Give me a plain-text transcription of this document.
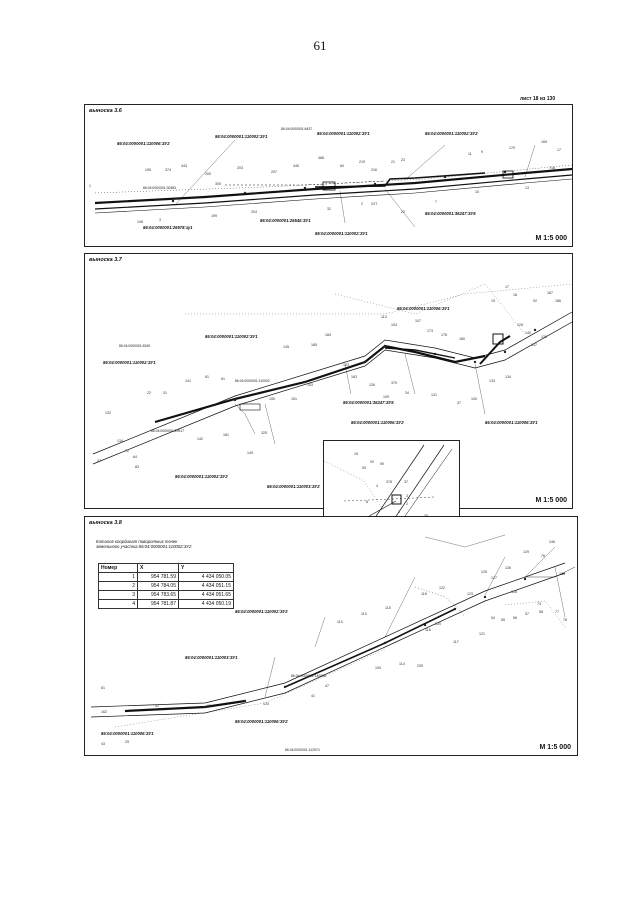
61
лист 18 из 130
выноска 3.6
86:04:0000001:110006:ЗУ2
86:04:0000001:110002:ЗУ1
86:04:0000001:110002:ЗУ1	86:04:0000001:110002:ЗУ2
86:04:0000001:26545:ЗУ1
86:04:0000001:110002:ЗУ1
86:04:0000001:36247:ЗУ5
86:04:0000001:26578:зу1
86:04:0000001:6437
86:04:0000001:30383
195	374
443
200
203
207
445
488
60
219	21 23
11	9
170
169
17
718
13
216
305
204
199
198	3
32
2 2V7
22
1
10
7
М 1:5 000
выноска 3.7
86:04:0000001:110006:ЗУ1
86:04:0000001:110002:ЗУ1
86:04:0000001:110002:ЗУ1
86:04:0000001:36247:ЗУ5
86:04:0000001:110006:ЗУ2	86:04:0000001:110006:ЗУ1
86:04:0000001:110002:ЗУ2
86:04:0000001:110003:ЗУ2
86:04:0000001:6349
86:04:0000001:29917
86:04:0000001:110002
17
187
18
92	186
19
113
107
104
173
178
180
184
185
145
141
81	61
22	31
132
134
72
27
64
83
142
181	325
149
150	151
153
163
123
126	370
109
34	131
37
100
133
134
140
138
137
125
М 1:5 000
15
93
92 90
378
4
37
3
2
1
8
выноска 3.8
86:04:0000001:110002:ЗУ2
86:04:0000001:110003:ЗУ1
86:04:0000001:110006:ЗУ2
86:04:0000001:110006:ЗУ1
86:04:0000001:140006
86:04:0000001:112974
246
129
76
130
126
125
127
122
123	128
116
115
113
110
118
117
120
121
114	239
109
47
41
124
162
43	25
81
95
51
73
78
77
55 56
54
57	58
М 1:5 000
Каталог координат поворотных точек
земельного участка 86:04:0000001:110002:ЗУ2
Номер	X	Y
1	954 781.59	4 434 050.05
2	954 784.05	4 434 051.15
3	954 783.65	4 434 051.65
4	954 781.87	4 434 050.19
